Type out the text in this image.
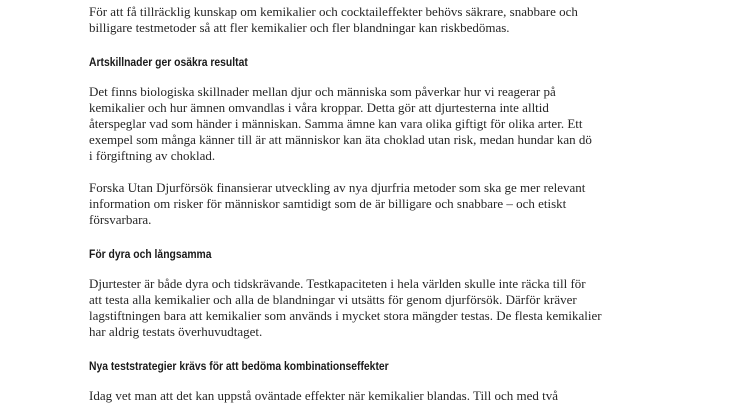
För att få tillräcklig kunskap om kemikalier och cocktaileffekter behövs säkrare, snabbare och
billigare testmetoder så att fler kemikalier och fler blandningar kan riskbedömas.

Artskillnader ger osäkra resultat

Det finns biologiska skillnader mellan djur och människa som påverkar hur vi reagerar på
kemikalier och hur ämnen omvandlas i våra kroppar. Detta gör att djurtesterna inte alltid
återspeglar vad som händer i människan. Samma ämne kan vara olika giftigt för olika arter. Ett
exempel som många känner till är att människor kan äta choklad utan risk, medan hundar kan dö
i förgiftning av choklad.

Forska Utan Djurförsök finansierar utveckling av nya djurfria metoder som ska ge mer relevant
information om risker för människor samtidigt som de är billigare och snabbare – och etiskt
försvarbara.

För dyra och långsamma

Djurtester är både dyra och tidskrävande. Testkapaciteten i hela världen skulle inte räcka till för
att testa alla kemikalier och alla de blandningar vi utsätts för genom djurförsök. Därför kräver
lagstiftningen bara att kemikalier som används i mycket stora mängder testas. De flesta kemikalier
har aldrig testats överhuvudtaget.

Nya teststrategier krävs för att bedöma kombinationseffekter

Idag vet man att det kan uppstå oväntade effekter när kemikalier blandas. Till och med två
